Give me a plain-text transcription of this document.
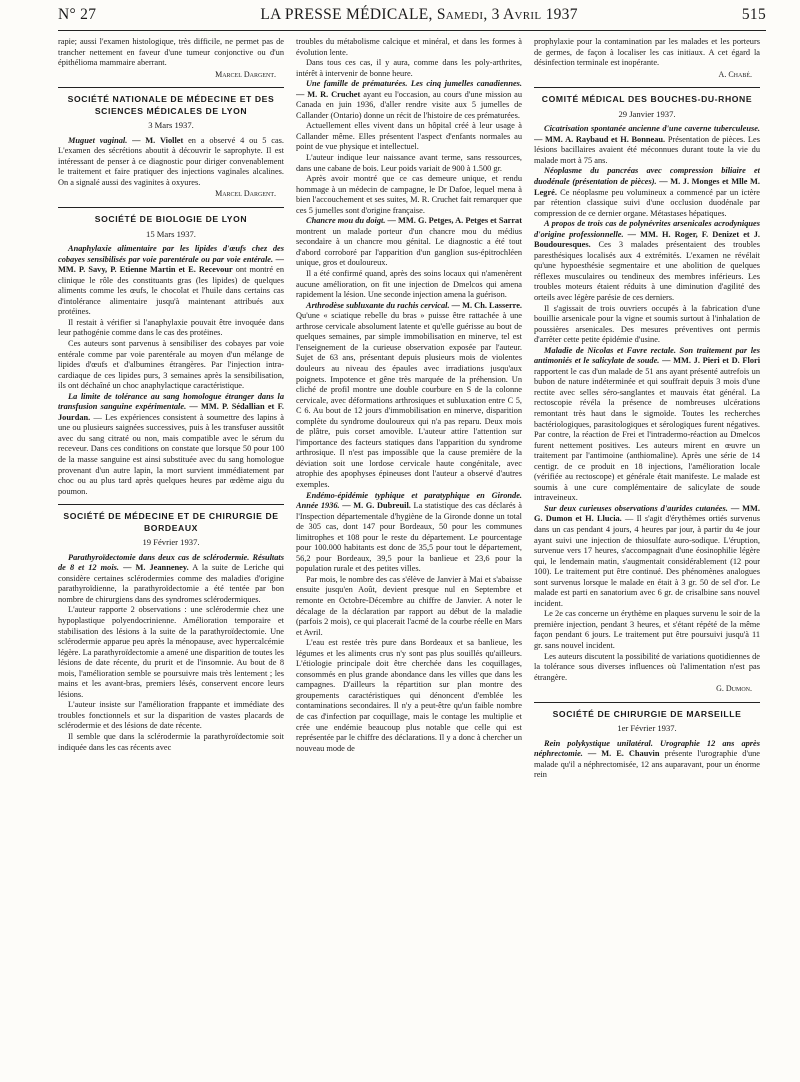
N° 27	LA PRESSE MÉDICALE, Samedi, 3 Avril 1937	515

rapie; aussi l'examen histologique, très difficile, ne permet pas de trancher nettement en faveur d'une tumeur conjonctive ou d'un épithélioma mammaire aberrant.

Marcel Dargent.
SOCIÉTÉ NATIONALE DE MÉDECINE ET DES SCIENCES MÉDICALES DE LYON
3 Mars 1937.

Muguet vaginal. — M. Viollet en a observé 4 ou 5 cas. L'examen des sécrétions aboutit à découvrir le saprophyte. Il est intéressant de penser à ce diagnostic pour diriger convenablement le traitement et faire pratiquer des injections vaginales alcalines. On a signalé aussi des vaginites à oxyures.

Marcel Dargent.
SOCIÉTÉ DE BIOLOGIE DE LYON
15 Mars 1937.

Anaphylaxie alimentaire par les lipides d'œufs chez des cobayes sensibilisés par voie parentérale ou par voie entérale. — MM. P. Savy, P. Etienne Martin et E. Recevour ont montré en clinique le rôle des constituants gras (les lipides) de quelques aliments comme les œufs, le chocolat et l'huile dans certains cas d'intolérance alimentaire jusqu'à maintenant attribués aux protéines.

Il restait à vérifier si l'anaphylaxie pouvait être invoquée dans leur pathogénie comme dans le cas des protéines.

Ces auteurs sont parvenus à sensibiliser des cobayes par voie entérale comme par voie parentérale au moyen d'un mélange de lipides d'œufs et d'albumines étrangères. Par l'injection intra-cardiaque de ces lipides purs, 3 semaines après la sensibilisation, ils ont déchaîné un choc anaphylactique caractéristique.

La limite de tolérance au sang homologue étranger dans la transfusion sanguine expérimentale. — MM. P. Sédallian et F. Jourdan. — Les expériences consistent à soumettre des lapins à une ou plusieurs saignées successives, puis à les transfuser aussitôt avec du sang citraté ou non, mais compatible avec le sérum du receveur. Dans ces conditions on constate que lorsque 50 pour 100 de la masse sanguine est ainsi substituée avec du sang homologue provenant d'un autre lapin, la mort survient immédiatement par choc ou au plus tard après quelques heures par œdème aigu du poumon.

SOCIÉTÉ DE MÉDECINE ET DE CHIRURGIE DE BORDEAUX
19 Février 1937.

Parathyroïdectomie dans deux cas de sclérodermie. Résultats de 8 et 12 mois. — M. Jeanneney. A la suite de Leriche qui considère certaines sclérodermies comme des maladies d'origine parathyroïdienne, la parathyroïdectomie a été tentée par bon nombre de chirurgiens dans des syndromes sclérodermiques.

L'auteur rapporte 2 observations : une sclérodermie chez une hypoplastique polyendocrinienne. Amélioration temporaire et stabilisation des lésions à la suite de la parathyroïdectomie. Une sclérodermie apparue peu après la ménopause, avec hypercalcémie légère. La parathyroïdectomie a amené une disparition de toutes les lésions de date récente, du prurit et de l'insomnie. Au bout de 8 mois, l'amélioration semble se poursuivre mais très lentement ; les mains et les avant-bras, premiers lésés, conservent encore leurs lésions.

L'auteur insiste sur l'amélioration frappante et immédiate des troubles fonctionnels et sur la disparition de vastes placards de sclérodermie et des lésions de date récente.

Il semble que dans la sclérodermie la parathyroïdectomie soit indiquée dans les cas récents avec

troubles du métabolisme calcique et minéral, et dans les formes à évolution lente.

Dans tous ces cas, il y aura, comme dans les poly-arthrites, intérêt à intervenir de bonne heure.

Une famille de prématurées. Les cinq jumelles canadiennes. — M. R. Cruchet ayant eu l'occasion, au cours d'une mission au Canada en juin 1936, d'aller rendre visite aux 5 jumelles de Callander (Ontario) donne un récit de l'histoire de ces prématurées.

Actuellement elles vivent dans un hôpital créé à leur usage à Callander même. Elles présentent l'aspect d'enfants normales au point de vue physique et intellectuel.

L'auteur indique leur naissance avant terme, sans ressources, dans une cabane de bois. Leur poids variait de 900 à 1.500 gr.

Après avoir montré que ce cas demeure unique, et rendu hommage à un médecin de campagne, le Dr Dafoe, lequel mena à bien l'accouchement et ses suites, M. R. Cruchet fait remarquer que ces 5 jumelles sont d'origine française.

Chancre mou du doigt. — MM. G. Petges, A. Petges et Sarrat montrent un malade porteur d'un chancre mou du médius secondaire à un chancre mou génital. Le diagnostic a été tout d'abord corroboré par l'apparition d'un ganglion sus-épitrochléen unique, gros et douloureux.

Il a été confirmé quand, après des soins locaux qui n'amenèrent aucune amélioration, on fit une injection de Dmelcos qui amena rapidement la lésion. Une seconde injection amena la guérison.

Arthrodèse subluxante du rachis cervical. — M. Ch. Lasserre. Qu'une « sciatique rebelle du bras » puisse être rattachée à une arthrose cervicale absolument latente et qu'elle guérisse au bout de quelques semaines, par simple immobilisation en minerve, tel est l'enseignement de la curieuse observation exposée par l'auteur. Sujet de 63 ans, présentant depuis plusieurs mois de violentes douleurs au niveau des épaules avec irradiations jusqu'aux poignets. Impotence et gêne très marquée de la préhension. Un cliché de profil montre une double courbure en S de la colonne cervicale, avec déformations arthrosiques et subluxation entre C 5, C 6. Au bout de 12 jours d'immobilisation en minerve, disparition complète du syndrome douloureux qui n'a pas reparu. Deux mois de plâtre, puis corset amovible. L'auteur attire l'attention sur l'importance des facteurs statiques dans l'apparition du syndrome arthrosique. Il n'est pas impossible que la cause première de la déviation soit une lordose cervicale haute congénitale, avec atrophie des apophyses épineuses dont l'auteur a observé d'autres exemples.

Endémo-épidémie typhique et paratyphique en Gironde. Année 1936. — M. G. Dubreuil. La statistique des cas déclarés à l'Inspection départementale d'hygiène de la Gironde donne un total de 305 cas, dont 147 pour Bordeaux, 50 pour les communes limitrophes et 108 pour le reste du département. Le pourcentage pour 100.000 habitants est donc de 35,5 pour tout le département, 56,2 pour Bordeaux, 39,5 pour la banlieue et 23,6 pour la population rurale et des petites villes.

Par mois, le nombre des cas s'élève de Janvier à Mai et s'abaisse ensuite jusqu'en Août, devient presque nul en Septembre et remonte en Octobre-Décembre au chiffre de Janvier. A noter le décalage de la déclaration par rapport au début de la maladie (parfois 2 mois), ce qui placerait l'acmé de la courbe réelle en Mars et Avril.

L'eau est restée très pure dans Bordeaux et sa banlieue, les légumes et les aliments crus n'y sont pas plus souillés qu'ailleurs. L'étiologie principale doit être cherchée dans les coquillages, consommés en plus grande abondance dans les villes que dans les campagnes. D'ailleurs la répartition sur plan montre des groupements caractéristiques qui dénoncent d'emblée les contaminations secondaires. Il n'y a peut-être qu'un faible nombre de cas d'infection par coquillage, mais le contage les multiplie et crée une endémie beaucoup plus notable que celle qui est représentée par le chiffre des déclarations. Il y a donc à chercher un nouveau mode de

prophylaxie pour la contamination par les malades et les porteurs de germes, de façon à localiser les cas initiaux. A cet égard la désinfection terminale est inopérante.

A. Chabé.
COMITÉ MÉDICAL DES BOUCHES-DU-RHONE
29 Janvier 1937.

Cicatrisation spontanée ancienne d'une caverne tuberculeuse. — MM. A. Raybaud et H. Bonneau. Présentation de pièces. Les lésions bacillaires avaient été méconnues durant toute la vie du malade mort à 75 ans.

Néoplasme du pancréas avec compression biliaire et duodénale (présentation de pièces). — M. J. Monges et Mlle M. Legré. Ce néoplasme peu volumineux a commencé par un ictère par rétention classique suivi d'une occlusion duodénale par compression de ce dernier organe. Métastases hépatiques.

A propos de trois cas de polynévrites arsenicales acrodyniques d'origine professionnelle. — MM. H. Roger, F. Denizet et J. Boudouresques. Ces 3 malades présentaient des troubles paresthésiques localisés aux 4 extrémités. L'examen ne révélait qu'une hypoesthésie segmentaire et une abolition de quelques réflexes musculaires ou tendineux des membres inférieurs. Les troubles moteurs étaient réduits à une diminution d'agilité des orteils avec légère parésie de ces derniers.

Il s'agissait de trois ouvriers occupés à la fabrication d'une bouillie arsenicale pour la vigne et soumis surtout à l'inhalation de poussières arsenicales. Des mesures préventives ont permis d'arrêter cette petite épidémie d'usine.

Maladie de Nicolas et Favre rectale. Son traitement par les antimoniés et le salicylate de soude. — MM. J. Pieri et D. Flori rapportent le cas d'un malade de 51 ans ayant présenté autrefois un bubon de nature indéterminée et qui souffrait depuis 3 mois d'une rectite avec selles séro-sanglantes et mauvais état général. La rectoscopie révéla la présence de nombreuses ulcérations remontant très haut dans le sigmoïde. Toutes les recherches bactériologiques, parasitologiques et sérologiques furent négatives. Par contre, la réaction de Frei et l'intradermo-réaction au Dmelcos furent nettement positives. Les auteurs mirent en œuvre un traitement par l'antimoine (anthiomaline). Après une série de 14 centigr. de ce produit en 18 injections, l'amélioration locale (vérifiée au rectoscope) et générale était manifeste. Le malade est soumis à une cure complémentaire de salicylate de soude intraveineux.

Sur deux curieuses observations d'aurides cutanées. — MM. G. Dumon et H. Llucia. — Il s'agit d'érythèmes ortiés survenus dans un cas pendant 4 jours, 4 heures par jour, à partir du 4e jour ayant suivi une injection de thiosulfate auro-sodique. L'éruption, survenue vers 17 heures, s'accompagnait d'une éosinophilie légère qui, le lendemain matin, s'augmentait considérablement (12 pour 100). Le traitement put être continué. Des phénomènes analogues sont survenus lorsque le malade en était à 3 gr. 50 de sel d'or. Le malade est parti en sanatorium avec 6 gr. de crisalbine sans nouvel incident.

Le 2e cas concerne un érythème en plaques survenu le soir de la première injection, pendant 3 heures, et s'étant répété de la même façon pendant 6 jours. Le traitement put être poursuivi jusqu'à 11 gr. sans nouvel incident.

Les auteurs discutent la possibilité de variations quotidiennes de la tolérance sous diverses influences où l'alimentation n'est pas étrangère.

G. Dumon.
SOCIÉTÉ DE CHIRURGIE DE MARSEILLE
1er Février 1937.

Rein polykystique unilatéral. Urographie 12 ans après néphrectomie. — M. E. Chauvin présente l'urographie d'une malade qu'il a néphrectomisée, 12 ans auparavant, pour un énorme rein
